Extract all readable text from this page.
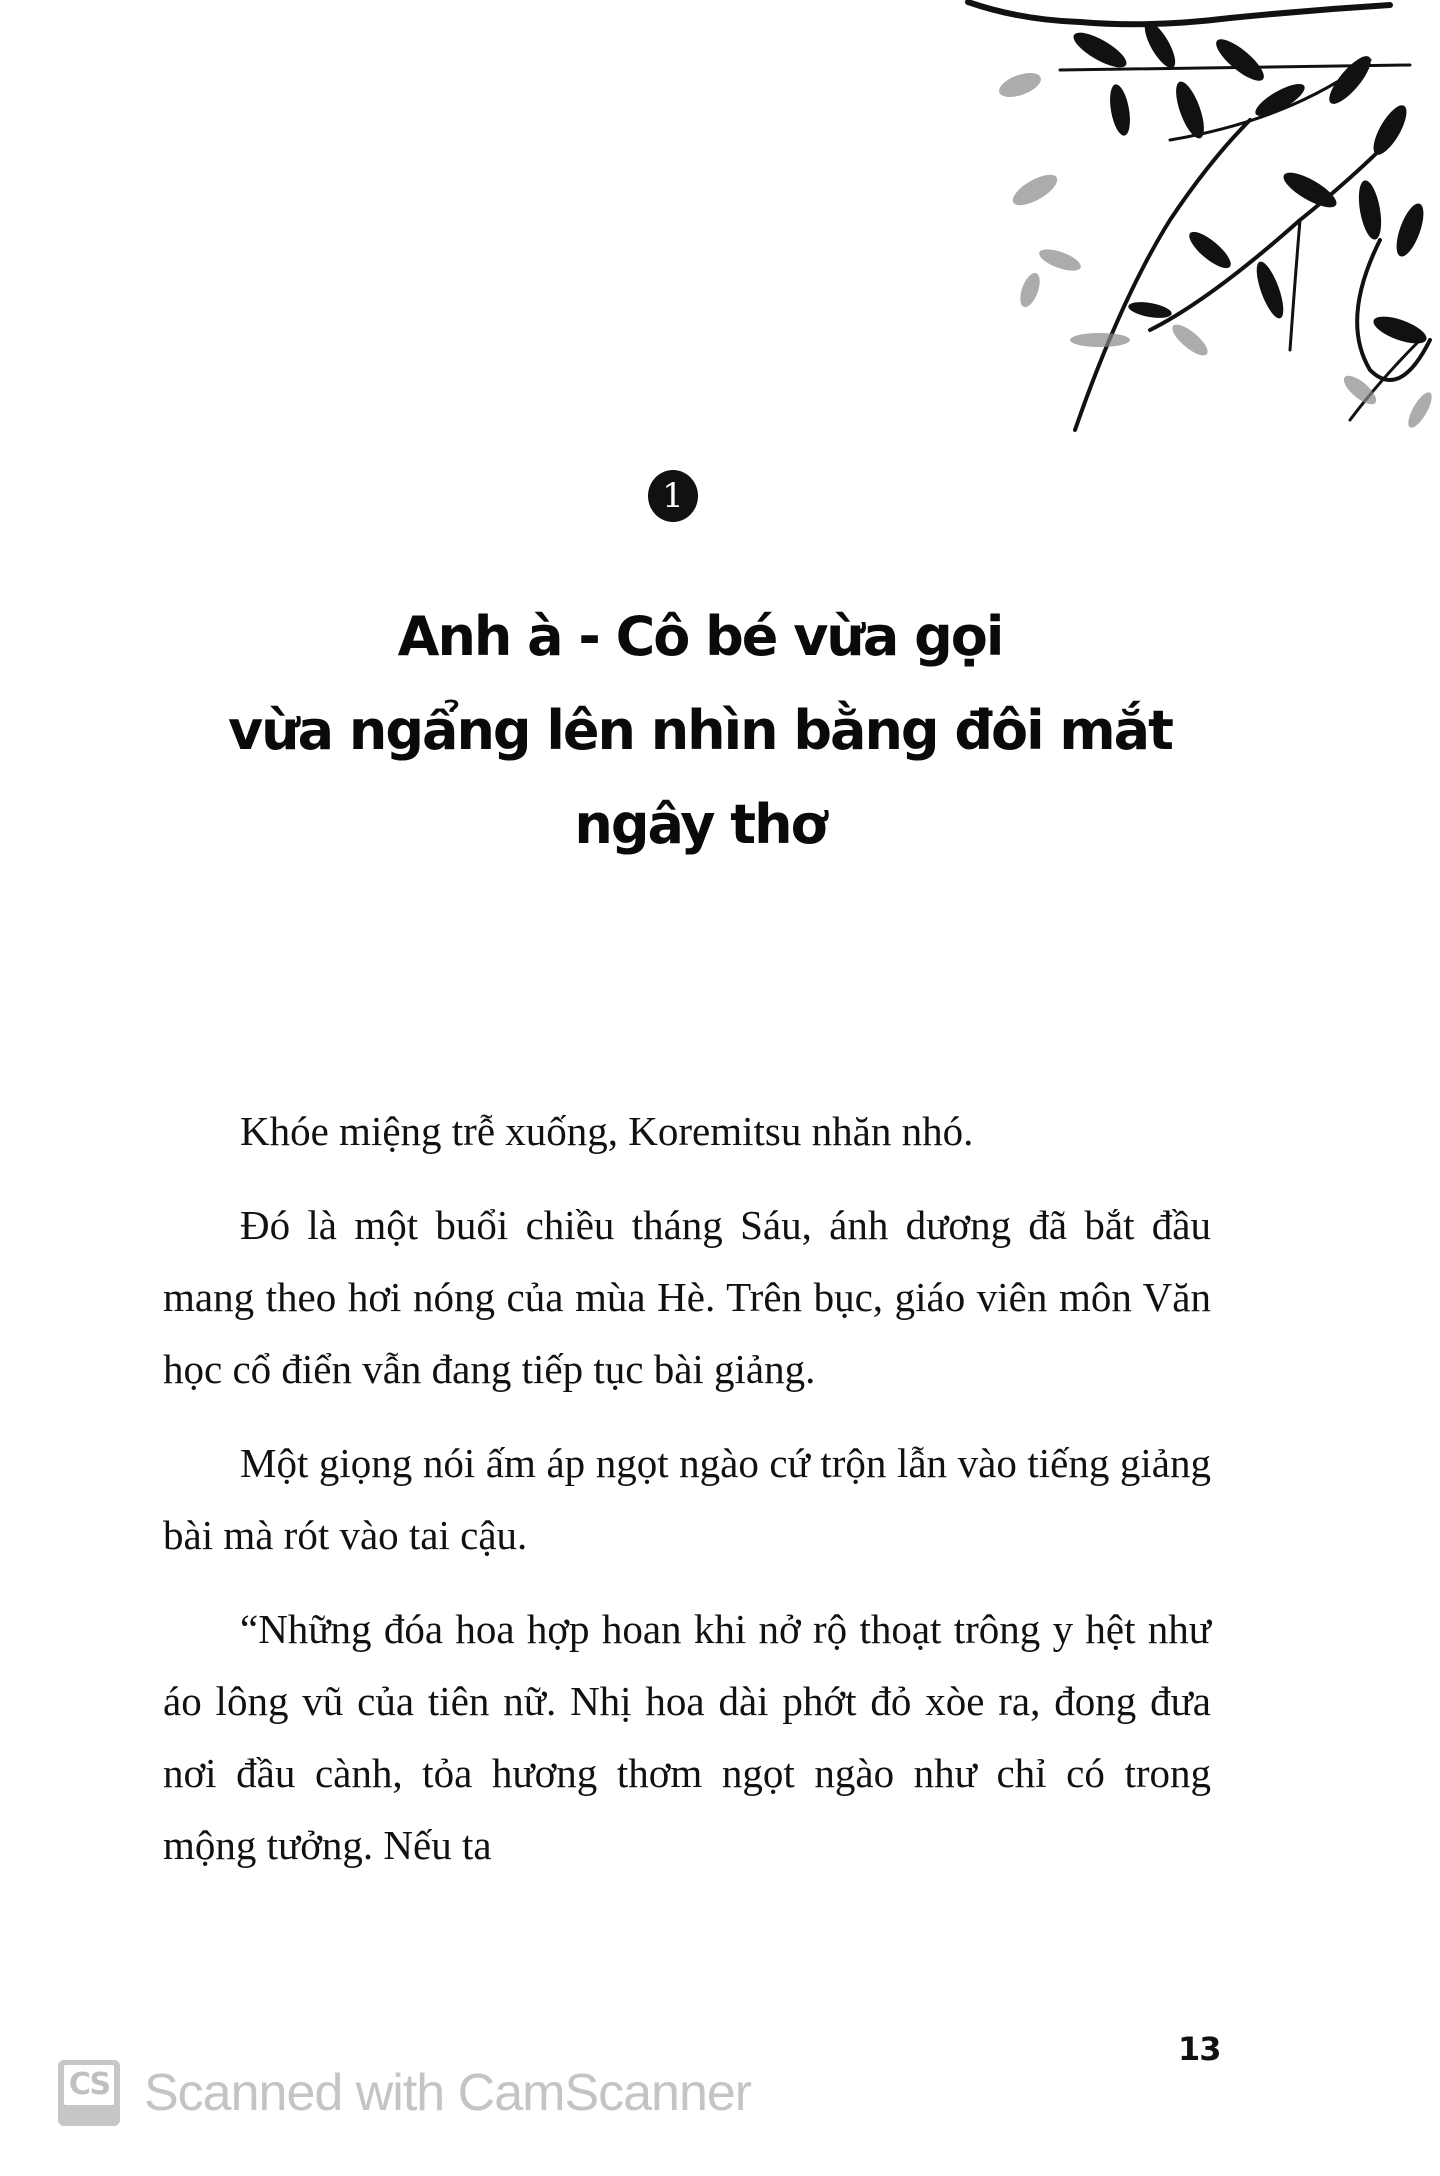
1
Anh à - Cô bé vừa gọi
vừa ngẩng lên nhìn bằng đôi mắt
ngây thơ

Khóe miệng trễ xuống, Koremitsu nhăn nhó.

Đó là một buổi chiều tháng Sáu, ánh dương đã bắt đầu mang theo hơi nóng của mùa Hè. Trên bục, giáo viên môn Văn học cổ điển vẫn đang tiếp tục bài giảng.

Một giọng nói ấm áp ngọt ngào cứ trộn lẫn vào tiếng giảng bài mà rót vào tai cậu.

“Những đóa hoa hợp hoan khi nở rộ thoạt trông y hệt như áo lông vũ của tiên nữ. Nhị hoa dài phớt đỏ xòe ra, đong đưa nơi đầu cành, tỏa hương thơm ngọt ngào như chỉ có trong mộng tưởng. Nếu ta

13
CS Scanned with CamScanner
